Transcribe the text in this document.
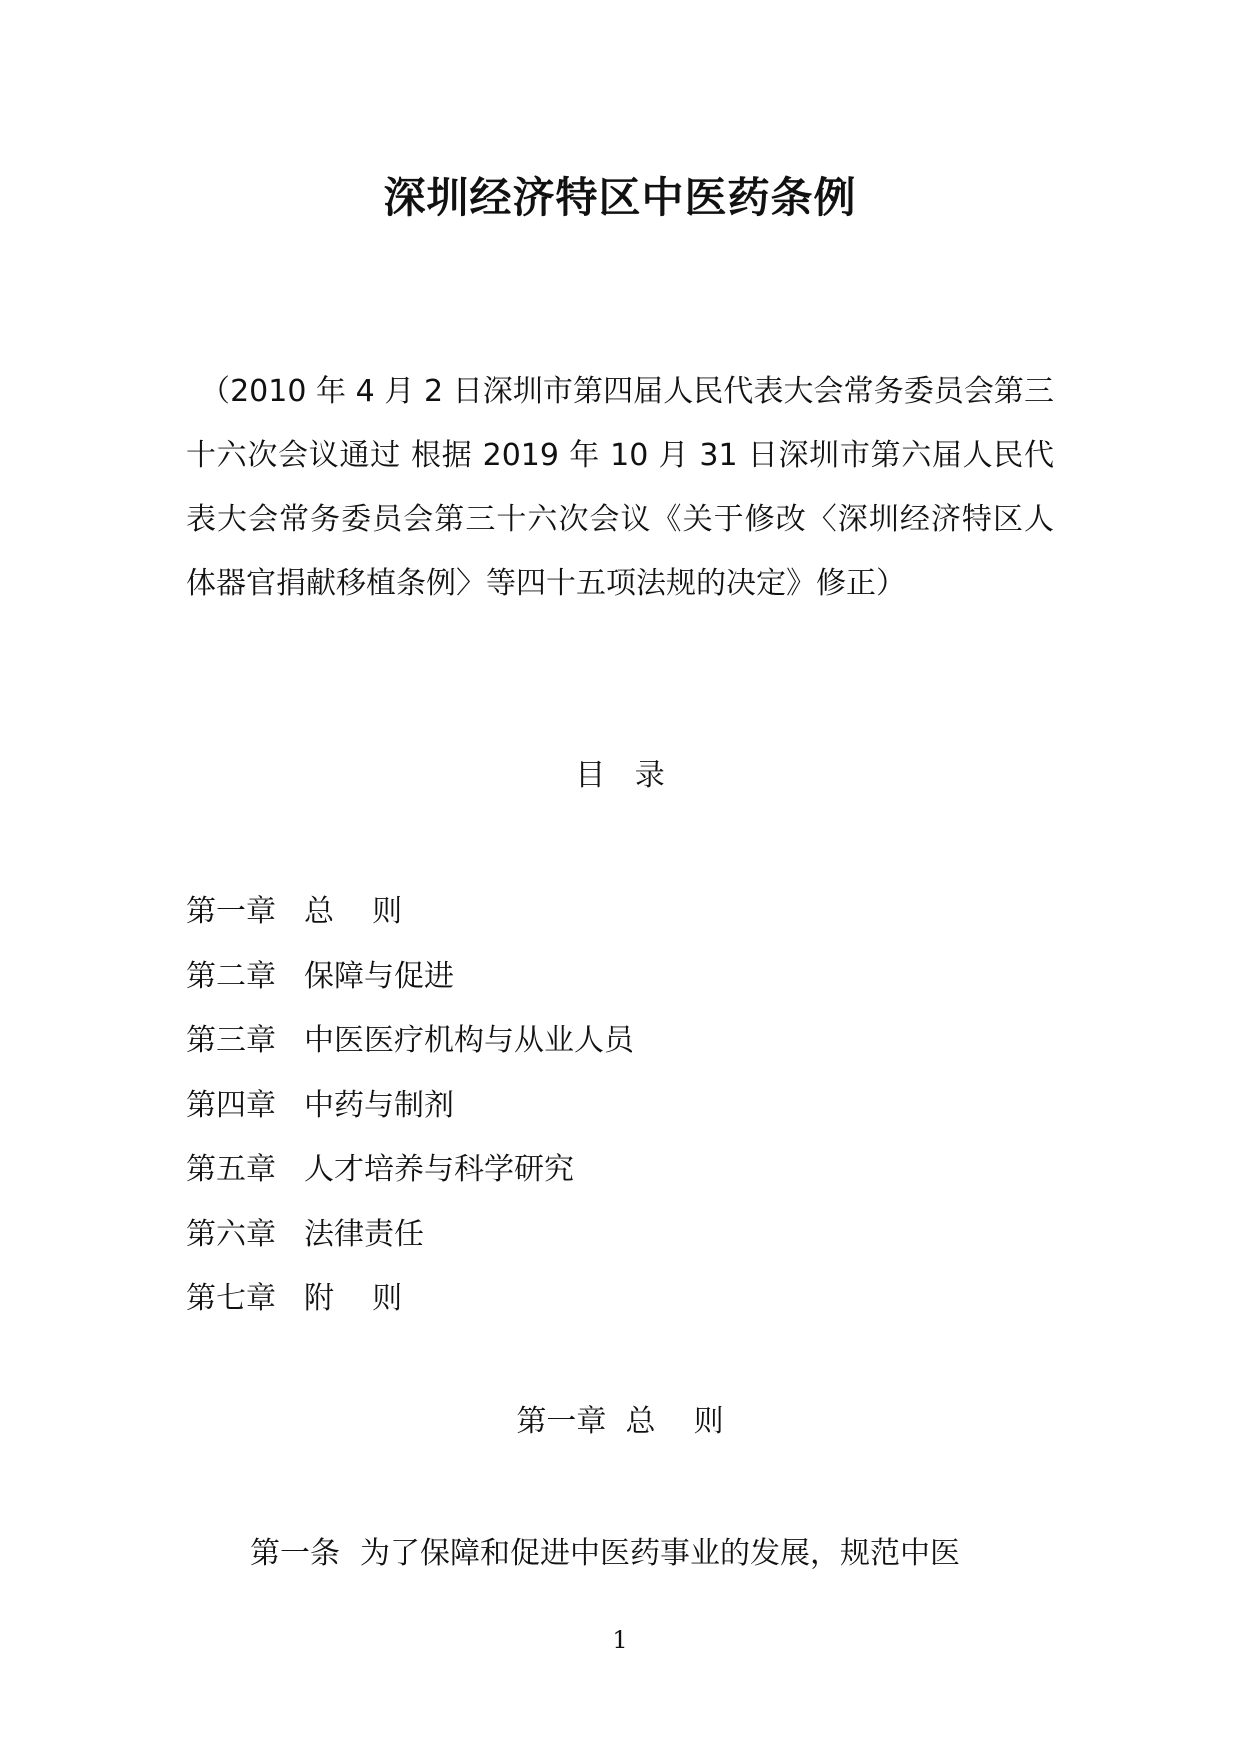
深圳经济特区中医药条例
（2010 年 4 月 2 日深圳市第四届人民代表大会常务委员会第三十六次会议通过 根据 2019 年 10 月 31 日深圳市第六届人民代表大会常务委员会第三十六次会议《关于修改〈深圳经济特区人体器官捐献移植条例〉等四十五项法规的决定》修正）
目 录
第一章 总    则
第二章 保障与促进
第三章 中医医疗机构与从业人员
第四章 中药与制剂
第五章 人才培养与科学研究
第六章 法律责任
第七章 附    则
第一章  总    则
第一条 为了保障和促进中医药事业的发展，规范中医
1
